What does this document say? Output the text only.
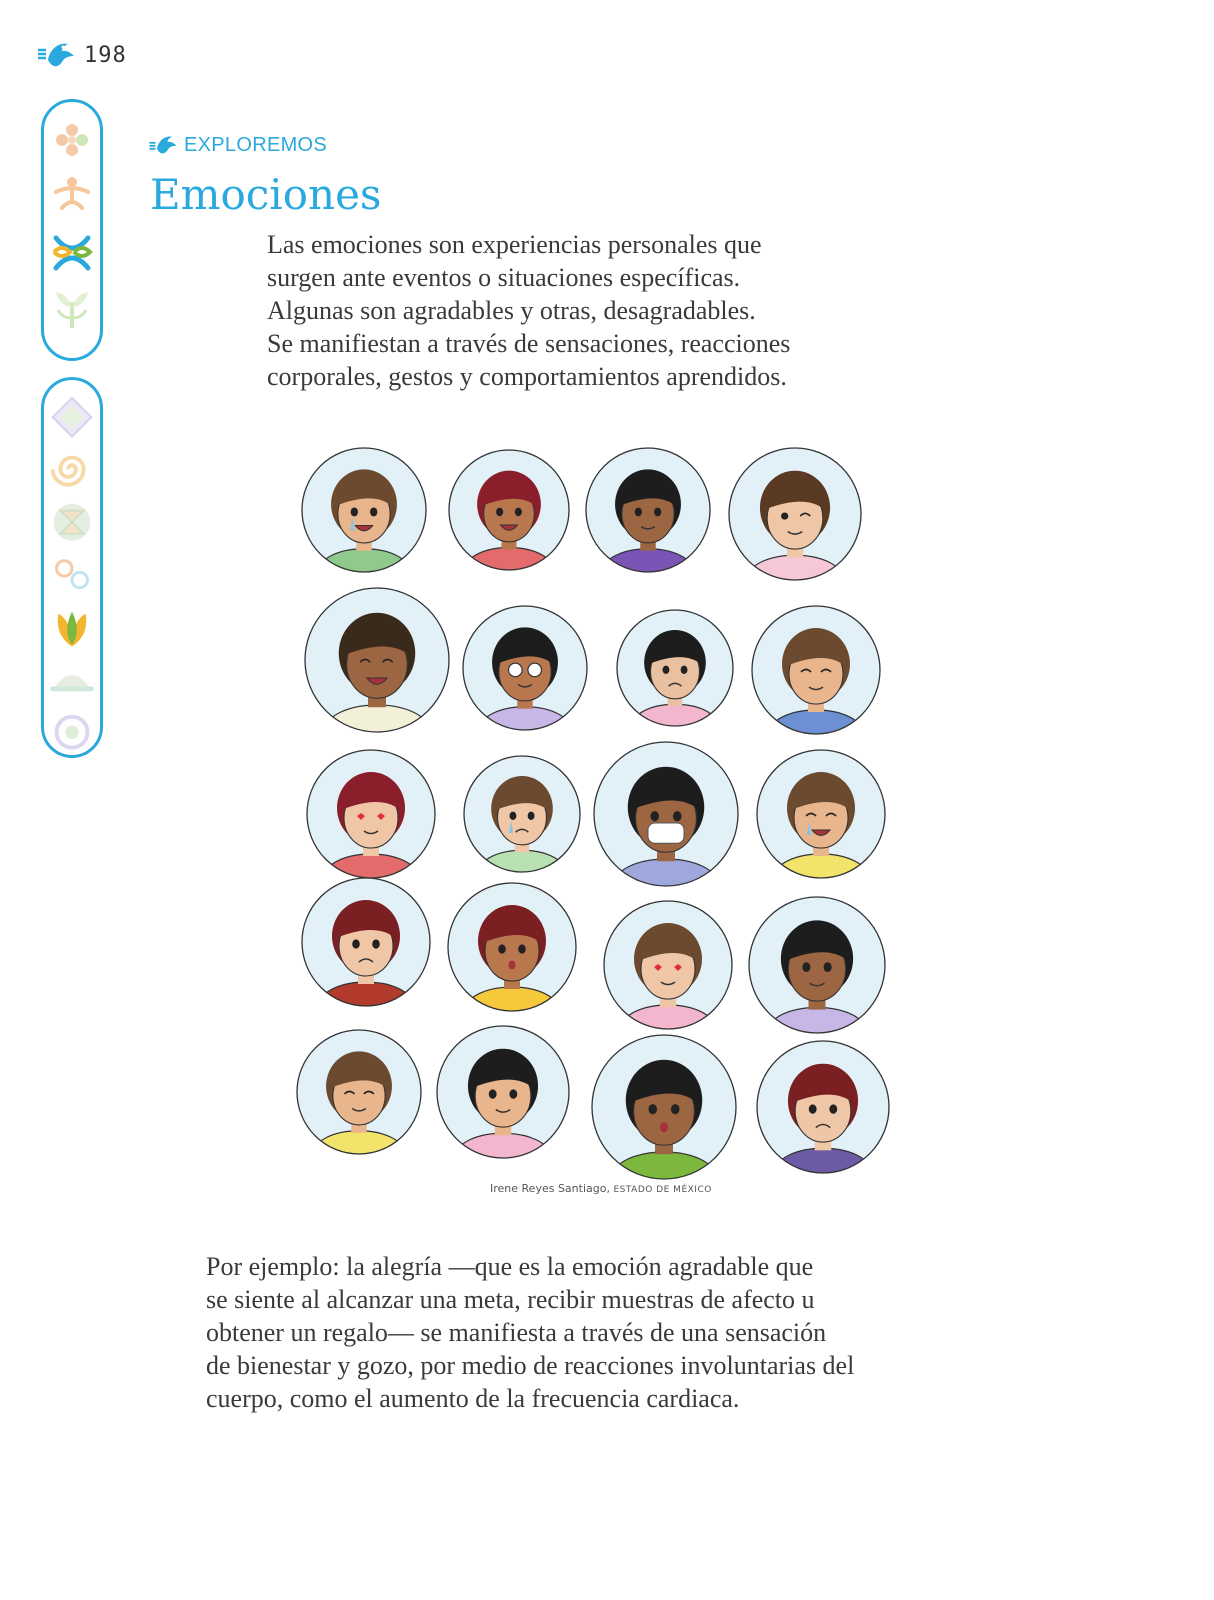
198
EXPLOREMOS
Emociones

Las emociones son experiencias personales que
surgen ante eventos o situaciones específicas.
Algunas son agradables y otras, desagradables.
Se manifiestan a través de sensaciones, reacciones
corporales, gestos y comportamientos aprendidos.

Irene Reyes Santiago, ESTADO DE MÉXICO

Por ejemplo: la alegría —que es la emoción agradable que
se siente al alcanzar una meta, recibir muestras de afecto u
obtener un regalo— se manifiesta a través de una sensación
de bienestar y gozo, por medio de reacciones involuntarias del
cuerpo, como el aumento de la frecuencia cardiaca.
